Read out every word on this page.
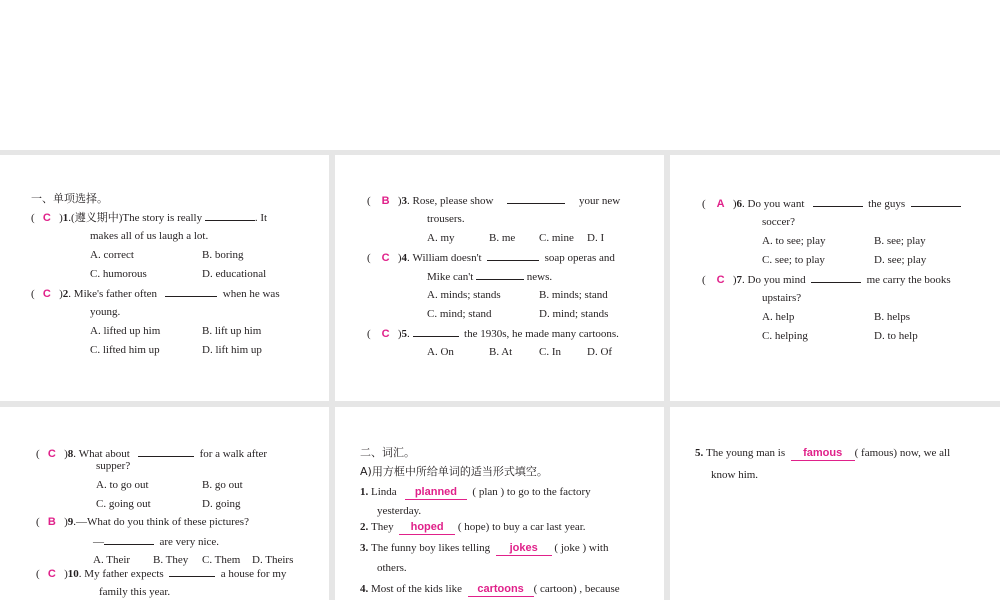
一、单项选择。
(   C   )1.(遵义期中)The story is really	. It
makes all of us laugh a lot.
A. correct	B. boring
C. humorous	D. educational
(   C   )2. Mike's father often	when he was
young.
A. lifted up him	B. lift up him
C. lifted him up	D. lift him up
(    B   )3. Rose, please show	your new
trousers.
A. my	B. me C. mine D. I
(    C   )4. William doesn't	soap operas and
Mike can't	news.
A. minds; stands	B. minds; stand
C. mind; stand	D. mind; stands
(    C   )5.	the 1930s, he made many cartoons.
A. On	B. At C. In D. Of
(    A   )6. Do you want	the guys
soccer?
A. to see; play	B. see; play
C. see; to play	D. see; play
(    C   )7. Do you mind	me carry the books
upstairs?
A. help	B. helps
C. helping	D. to help
(   C   )8. What about	for a walk after
supper?
A. to go out	B. go out
C. going out	D. going
(   B   )9.—What do you think of these pictures?
—	are very nice.
A. Their B. They C. Them D. Theirs
(   C   )10. My father expects	a house for my
family this year.
二、词汇。
A)用方框中所给单词的适当形式填空。
1. Linda planned ( plan ) to go to the factory
yesterday.
2. They hoped ( hope) to buy a car last year.
3. The funny boy likes telling jokes ( joke ) with
others.
4. Most of the kids like cartoons ( cartoon) , because
5. The young man is famous ( famous) now, we all
know him.
